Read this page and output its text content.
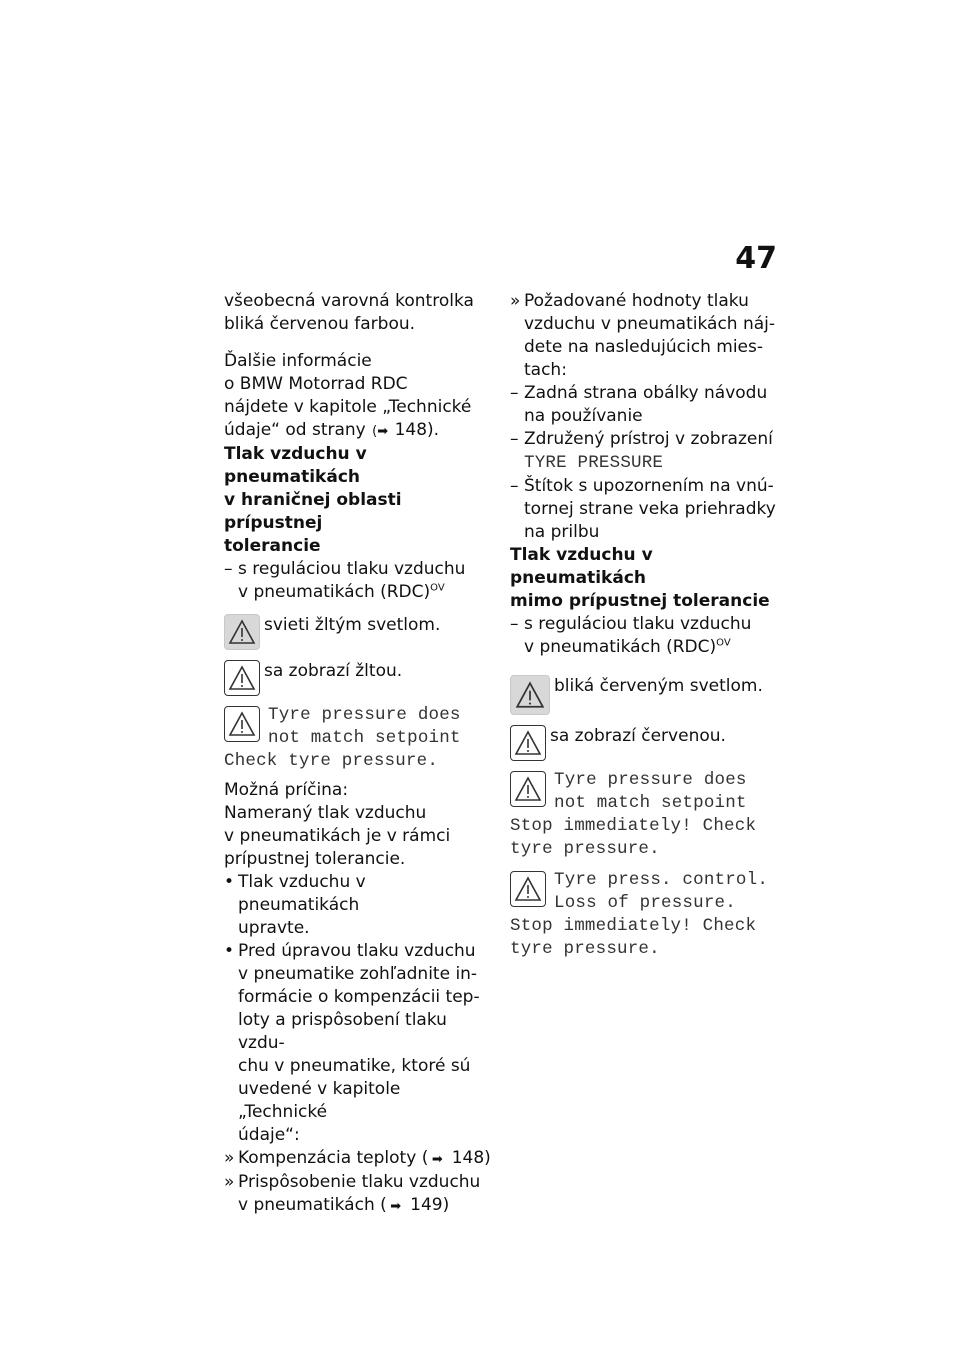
47

všeobecná varovná kontrolka
bliká červenou farbou.

Ďalšie informácie
o BMW Motorrad RDC
nájdete v kapitole „Technické
údaje“ od strany (➡ 148).

Tlak vzduchu v pneumatikách
v hraničnej oblasti prípustnej
tolerancie

– s reguláciou tlaku vzduchu
v pneumatikách (RDC)$^{OV}$

svieti žltým svetlom.
sa zobrazí žltou.
Tyre pressure does
not match setpoint
Check tyre pressure.

Možná príčina:
Nameraný tlak vzduchu
v pneumatikách je v rámci
prípustnej tolerancie.

• Tlak vzduchu v pneumatikách
upravte.

• Pred úpravou tlaku vzduchu
v pneumatike zohľadnite in-
formácie o kompenzácii tep-
loty a prispôsobení tlaku vzdu-
chu v pneumatike, ktoré sú
uvedené v kapitole „Technické
údaje“:

» Kompenzácia teploty ( ➡ 148)

» Prispôsobenie tlaku vzduchu
v pneumatikách ( ➡ 149)

» Požadované hodnoty tlaku
vzduchu v pneumatikách náj-
dete na nasledujúcich mies-
tach:

– Zadná strana obálky návodu
na používanie

– Združený prístroj v zobrazení
TYRE PRESSURE

– Štítok s upozornením na vnú-
tornej strane veka priehradky
na prilbu

Tlak vzduchu v pneumatikách
mimo prípustnej tolerancie

– s reguláciou tlaku vzduchu
v pneumatikách (RDC)$^{OV}$

bliká červeným svetlom.
sa zobrazí červenou.
Tyre pressure does
not match setpoint
Stop immediately! Check
tyre pressure.
Tyre press. control.
Loss of pressure.
Stop immediately! Check
tyre pressure.
